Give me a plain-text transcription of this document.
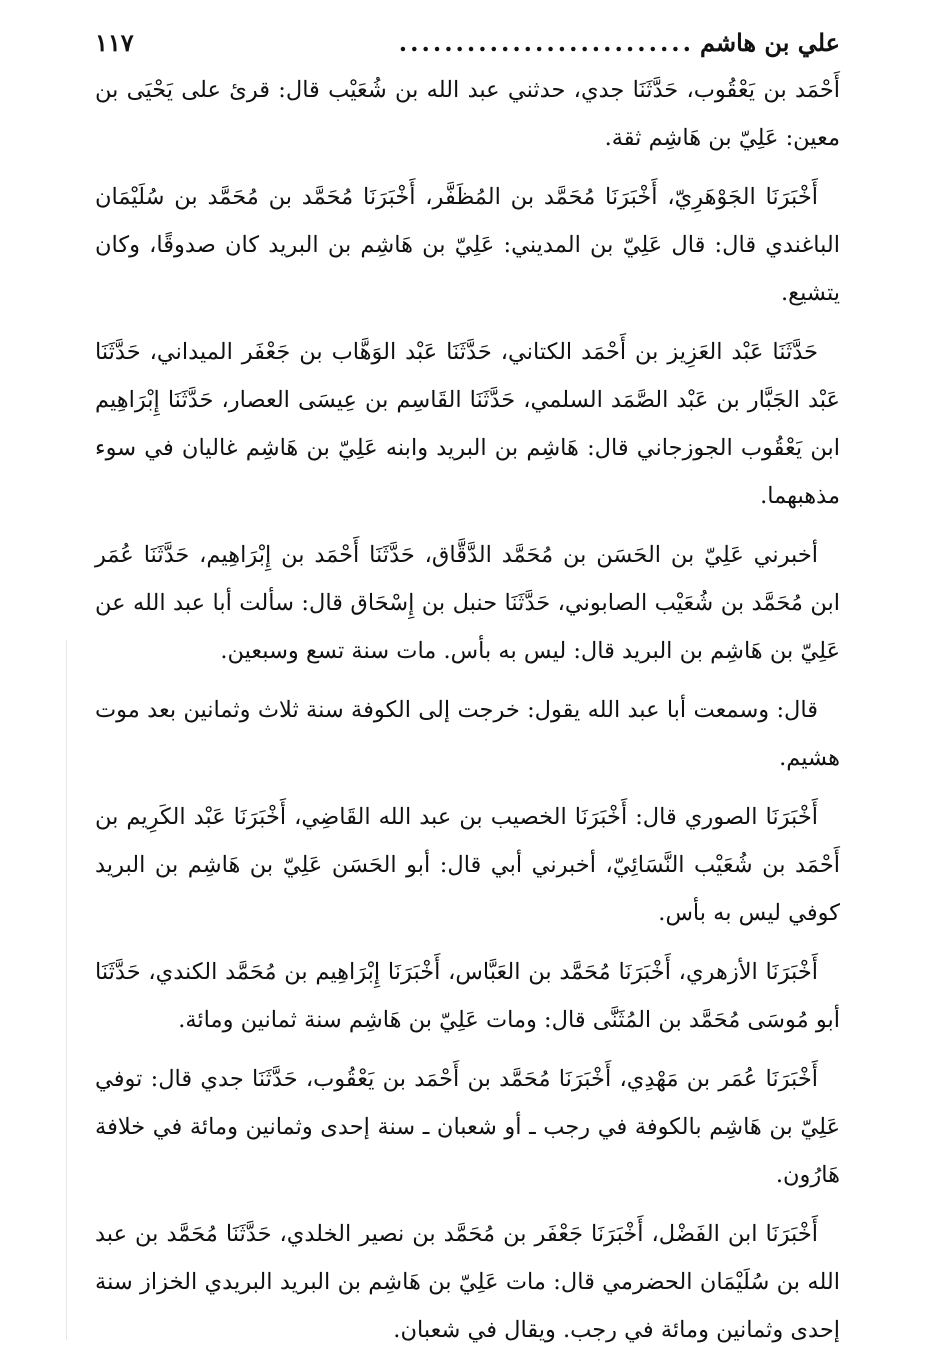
علي بن هاشم
..........................
١١٧

أَحْمَد بن يَعْقُوب، حَدَّثَنَا جدي، حدثني عبد الله بن شُعَيْب قال: قرئ على يَحْيَى بن معين: عَلِيّ بن هَاشِم ثقة.

أَخْبَرَنَا الجَوْهَرِيّ، أَخْبَرَنَا مُحَمَّد بن المُظَفَّر، أَخْبَرَنَا مُحَمَّد بن مُحَمَّد بن سُلَيْمَان الباغندي قال: قال عَلِيّ بن المديني: عَلِيّ بن هَاشِم بن البريد كان صدوقًا، وكان يتشيع.

حَدَّثَنَا عَبْد العَزِيز بن أَحْمَد الكتاني، حَدَّثَنَا عَبْد الوَهَّاب بن جَعْفَر الميداني، حَدَّثَنَا عَبْد الجَبَّار بن عَبْد الصَّمَد السلمي، حَدَّثَنَا القَاسِم بن عِيسَى العصار، حَدَّثَنَا إِبْرَاهِيم ابن يَعْقُوب الجوزجاني قال: هَاشِم بن البريد وابنه عَلِيّ بن هَاشِم غاليان في سوء مذهبهما.

أخبرني عَلِيّ بن الحَسَن بن مُحَمَّد الدَّقَّاق، حَدَّثَنَا أَحْمَد بن إِبْرَاهِيم، حَدَّثَنَا عُمَر ابن مُحَمَّد بن شُعَيْب الصابوني، حَدَّثَنَا حنبل بن إِسْحَاق قال: سألت أبا عبد الله عن عَلِيّ بن هَاشِم بن البريد قال: ليس به بأس. مات سنة تسع وسبعين.

قال: وسمعت أبا عبد الله يقول: خرجت إلى الكوفة سنة ثلاث وثمانين بعد موت هشيم.

أَخْبَرَنَا الصوري قال: أَخْبَرَنَا الخصيب بن عبد الله القَاضِي، أَخْبَرَنَا عَبْد الكَرِيم بن أَحْمَد بن شُعَيْب النَّسَائِيّ، أخبرني أبي قال: أبو الحَسَن عَلِيّ بن هَاشِم بن البريد كوفي ليس به بأس.

أَخْبَرَنَا الأزهري، أَخْبَرَنَا مُحَمَّد بن العَبَّاس، أَخْبَرَنَا إِبْرَاهِيم بن مُحَمَّد الكندي، حَدَّثَنَا أبو مُوسَى مُحَمَّد بن المُثَنَّى قال: ومات عَلِيّ بن هَاشِم سنة ثمانين ومائة.

أَخْبَرَنَا عُمَر بن مَهْدِي، أَخْبَرَنَا مُحَمَّد بن أَحْمَد بن يَعْقُوب، حَدَّثَنَا جدي قال: توفي عَلِيّ بن هَاشِم بالكوفة في رجب ـ أو شعبان ـ سنة إحدى وثمانين ومائة في خلافة هَارُون.

أَخْبَرَنَا ابن الفَضْل، أَخْبَرَنَا جَعْفَر بن مُحَمَّد بن نصير الخلدي، حَدَّثَنَا مُحَمَّد بن عبد الله بن سُلَيْمَان الحضرمي قال: مات عَلِيّ بن هَاشِم بن البريد البريدي الخزاز سنة إحدى وثمانين ومائة في رجب. ويقال في شعبان.
